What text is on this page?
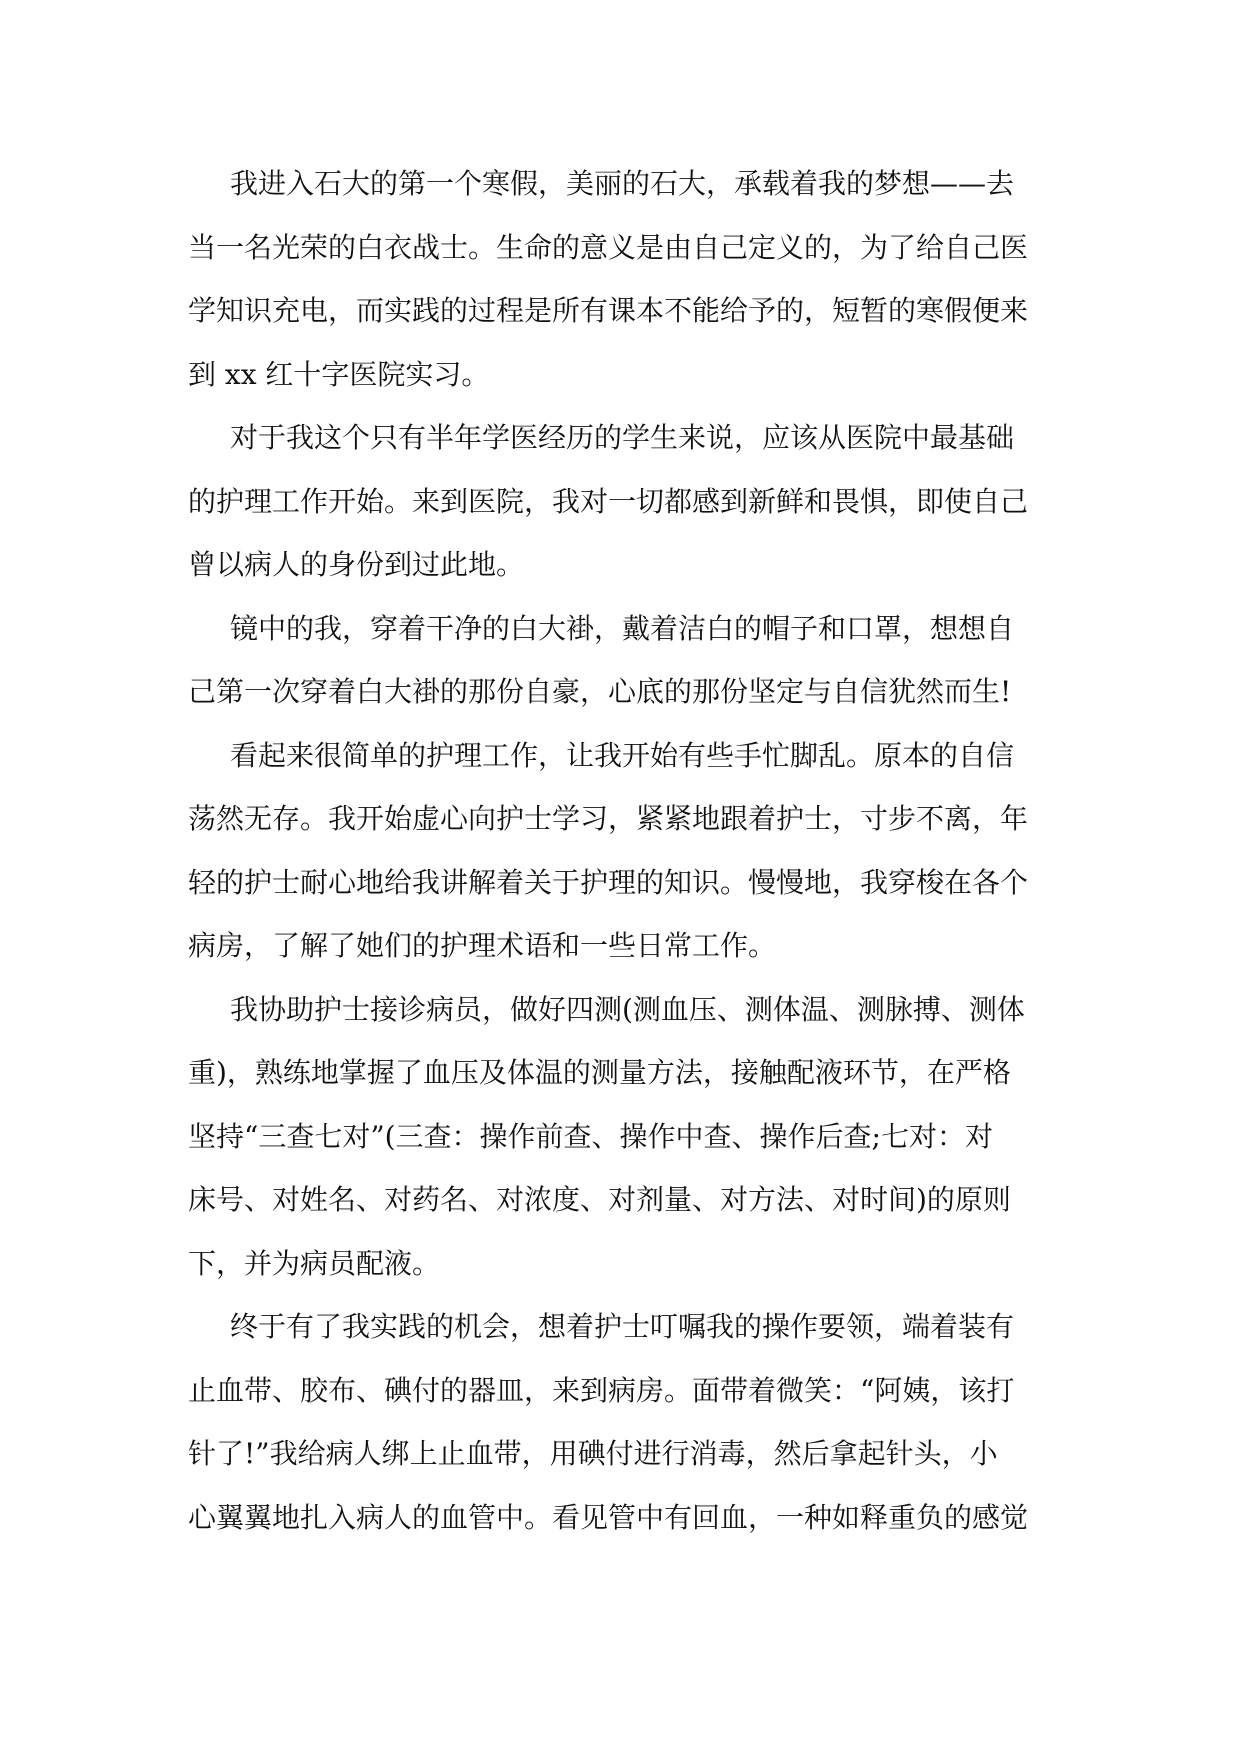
我进入石大的第一个寒假，美丽的石大，承载着我的梦想——去
当一名光荣的白衣战士。生命的意义是由自己定义的，为了给自己医
学知识充电，而实践的过程是所有课本不能给予的，短暂的寒假便来
到 xx 红十字医院实习。
对于我这个只有半年学医经历的学生来说，应该从医院中最基础
的护理工作开始。来到医院，我对一切都感到新鲜和畏惧，即使自己
曾以病人的身份到过此地。
镜中的我，穿着干净的白大褂，戴着洁白的帽子和口罩，想想自
己第一次穿着白大褂的那份自豪，心底的那份坚定与自信犹然而生!
看起来很简单的护理工作，让我开始有些手忙脚乱。原本的自信
荡然无存。我开始虚心向护士学习，紧紧地跟着护士，寸步不离，年
轻的护士耐心地给我讲解着关于护理的知识。慢慢地，我穿梭在各个
病房，了解了她们的护理术语和一些日常工作。
我协助护士接诊病员，做好四测(测血压、测体温、测脉搏、测体
重)，熟练地掌握了血压及体温的测量方法，接触配液环节，在严格
坚持“三查七对”(三查：操作前查、操作中查、操作后查;七对：对
床号、对姓名、对药名、对浓度、对剂量、对方法、对时间)的原则
下，并为病员配液。
终于有了我实践的机会，想着护士叮嘱我的操作要领，端着装有
止血带、胶布、碘付的器皿，来到病房。面带着微笑：“阿姨，该打
针了!”我给病人绑上止血带，用碘付进行消毒，然后拿起针头，小
心翼翼地扎入病人的血管中。看见管中有回血，一种如释重负的感觉
